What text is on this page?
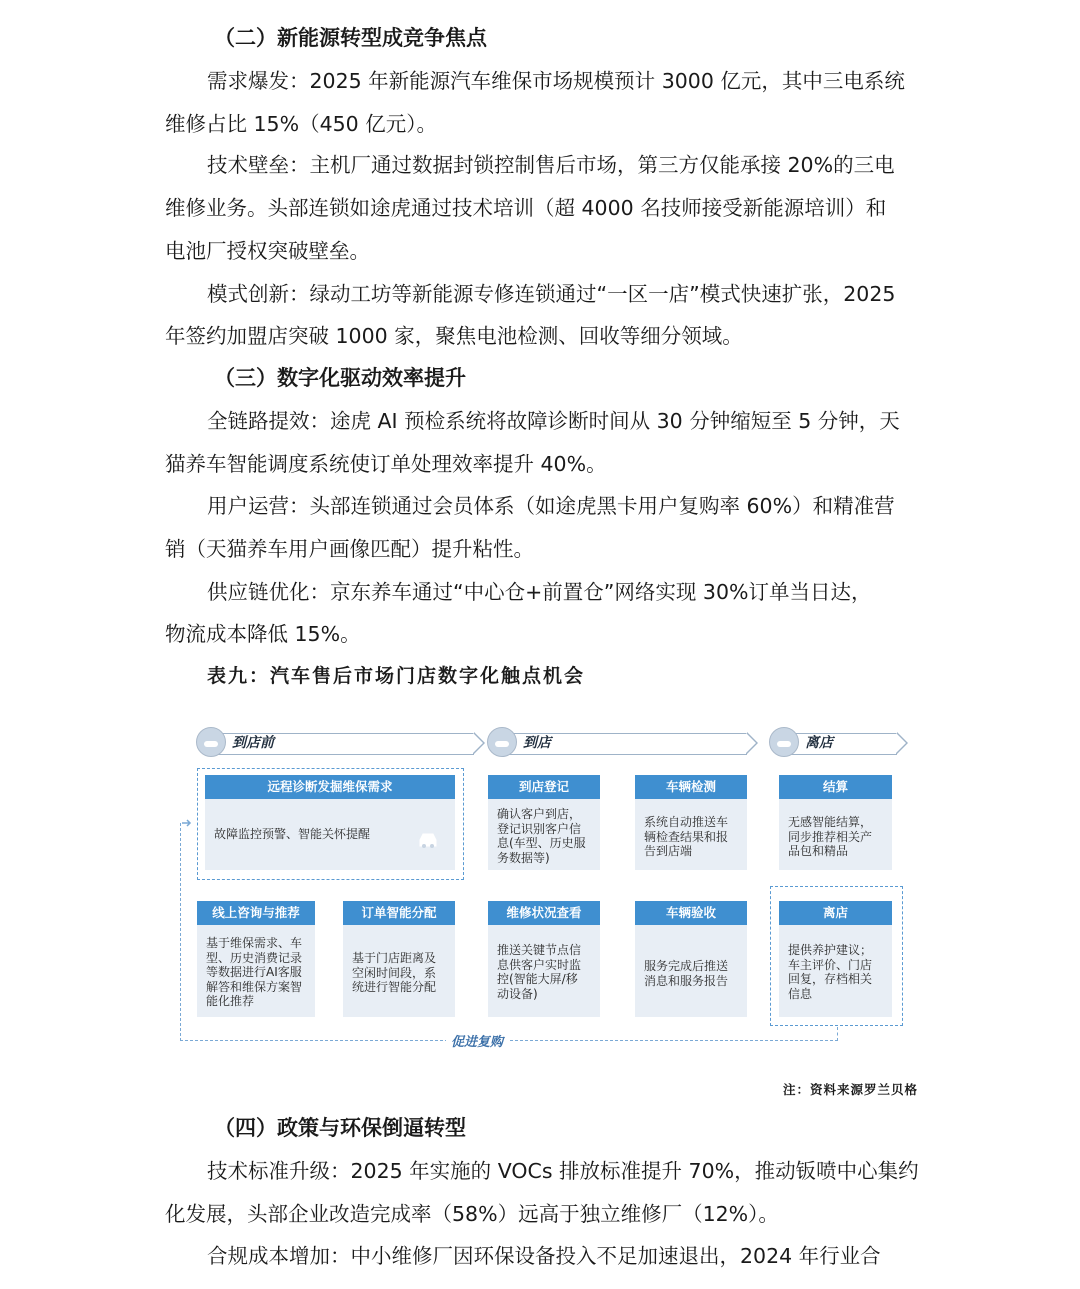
（二）新能源转型成竞争焦点
需求爆发：2025 年新能源汽车维保市场规模预计 3000 亿元，其中三电系统
维修占比 15%（450 亿元）。
技术壁垒：主机厂通过数据封锁控制售后市场，第三方仅能承接 20%的三电
维修业务。头部连锁如途虎通过技术培训（超 4000 名技师接受新能源培训）和
电池厂授权突破壁垒。
模式创新：绿动工坊等新能源专修连锁通过“一区一店”模式快速扩张，2025
年签约加盟店突破 1000 家，聚焦电池检测、回收等细分领域。
（三）数字化驱动效率提升
全链路提效：途虎 AI 预检系统将故障诊断时间从 30 分钟缩短至 5 分钟，天
猫养车智能调度系统使订单处理效率提升 40%。
用户运营：头部连锁通过会员体系（如途虎黑卡用户复购率 60%）和精准营
销（天猫养车用户画像匹配）提升粘性。
供应链优化：京东养车通过“中心仓+前置仓”网络实现 30%订单当日达，
物流成本降低 15%。
表九：汽车售后市场门店数字化触点机会
到店前	到店	离店
远程诊断发掘维保需求
故障监控预警、智能关怀提醒
到店登记
确认客户到店，
登记识别客户信
息(车型、历史服
务数据等)
车辆检测
系统自动推送车
辆检查结果和报
告到店端
结算
无感智能结算，
同步推荐相关产
品包和精品
线上咨询与推荐
基于维保需求、车
型、历史消费记录
等数据进行AI客服
解答和维保方案智
能化推荐
订单智能分配
基于门店距离及
空闲时间段，系
统进行智能分配
维修状况查看
推送关键节点信
息供客户实时监
控(智能大屏/移
动设备)
车辆验收
服务完成后推送
消息和服务报告
离店
提供养护建议；
车主评价、门店
回复，存档相关
信息
促进复购
注：资料来源罗兰贝格
（四）政策与环保倒逼转型
技术标准升级：2025 年实施的 VOCs 排放标准提升 70%，推动钣喷中心集约
化发展，头部企业改造完成率（58%）远高于独立维修厂（12%）。
合规成本增加：中小维修厂因环保设备投入不足加速退出，2024 年行业合
